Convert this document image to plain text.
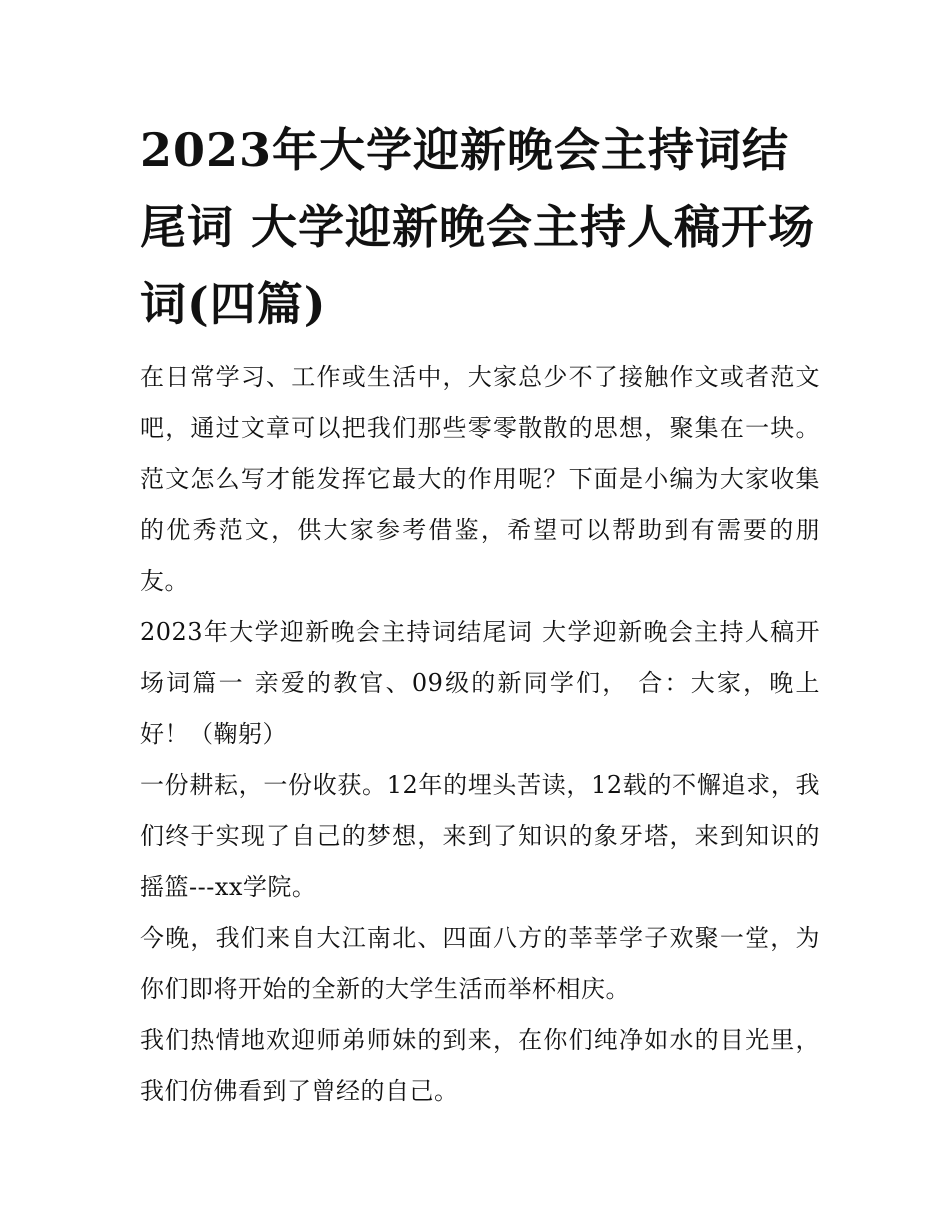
2023年大学迎新晚会主持词结尾词 大学迎新晚会主持人稿开场词(四篇)

在日常学习、工作或生活中，大家总少不了接触作文或者范文吧，通过文章可以把我们那些零零散散的思想，聚集在一块。范文怎么写才能发挥它最大的作用呢？下面是小编为大家收集的优秀范文，供大家参考借鉴，希望可以帮助到有需要的朋友。

2023年大学迎新晚会主持词结尾词 大学迎新晚会主持人稿开场词篇一 亲爱的教官、09级的新同学们， 合：大家，晚上好！（鞠躬）

一份耕耘，一份收获。12年的埋头苦读，12载的不懈追求，我们终于实现了自己的梦想，来到了知识的象牙塔，来到知识的摇篮---xx学院。

今晚，我们来自大江南北、四面八方的莘莘学子欢聚一堂，为你们即将开始的全新的大学生活而举杯相庆。

我们热情地欢迎师弟师妹的到来，在你们纯净如水的目光里，我们仿佛看到了曾经的自己。
